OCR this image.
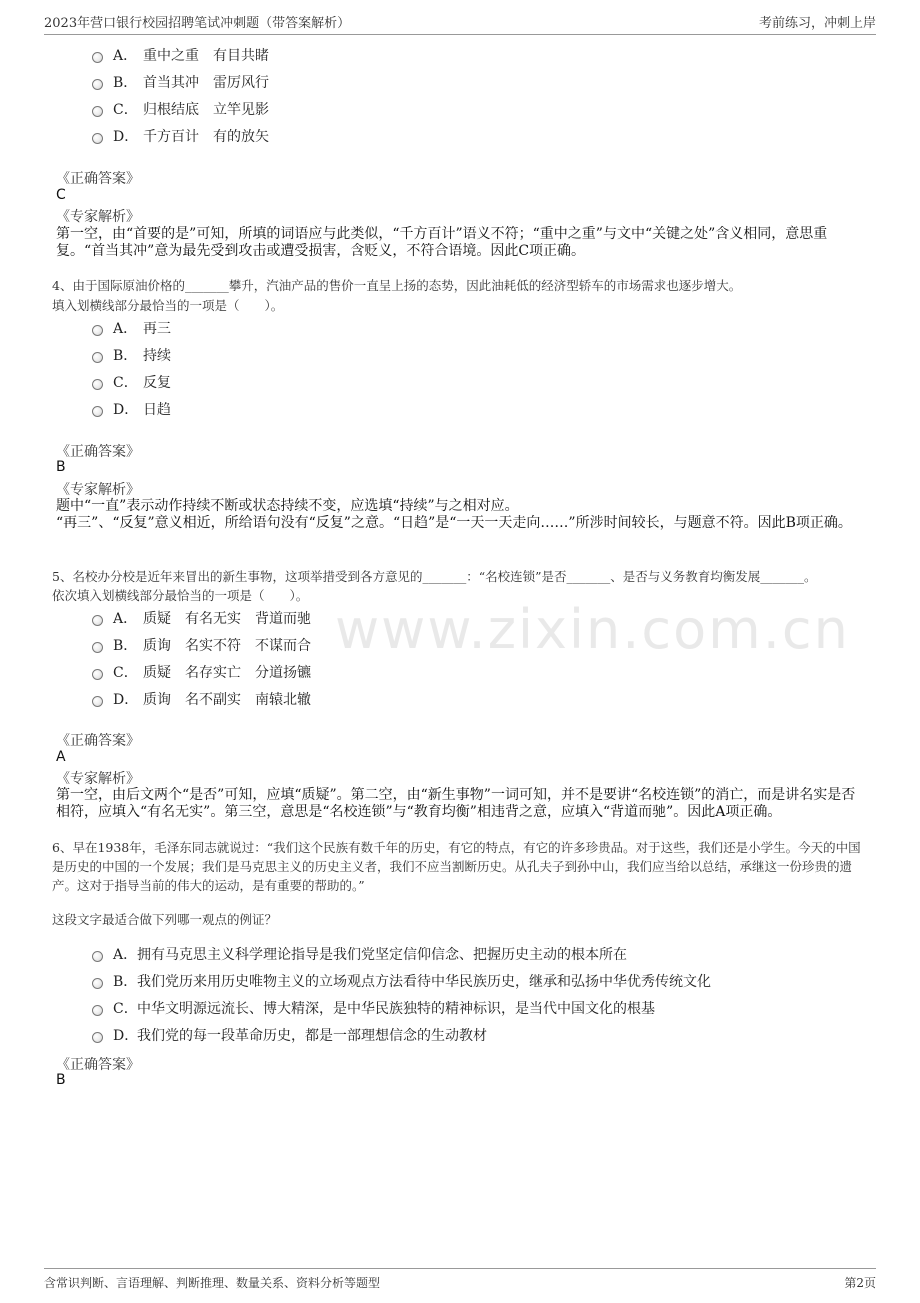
2023年营口银行校园招聘笔试冲刺题（带答案解析）	考前练习，冲刺上岸
www.zixin.com.cn
A． 重中之重 有目共睹
B． 首当其冲 雷厉风行
C． 归根结底 立竿见影
D． 千方百计 有的放矢
《正确答案》
C
《专家解析》
第一空，由“首要的是”可知，所填的词语应与此类似，“千方百计”语义不符；“重中之重”与文中“关键之处”含义相同，意思重复。“首当其冲”意为最先受到攻击或遭受损害，含贬义，不符合语境。因此C项正确。
4、由于国际原油价格的_______攀升，汽油产品的售价一直呈上扬的态势，因此油耗低的经济型轿车的市场需求也逐步增大。
填入划横线部分最恰当的一项是（　　）。
A． 再三
B． 持续
C． 反复
D． 日趋
《正确答案》
B
《专家解析》
题中“一直”表示动作持续不断或状态持续不变，应选填“持续”与之相对应。
“再三”、“反复”意义相近，所给语句没有“反复”之意。“日趋”是“一天一天走向……”所涉时间较长，与题意不符。因此B项正确。
5、名校办分校是近年来冒出的新生事物，这项举措受到各方意见的_______：“名校连锁”是否_______、是否与义务教育均衡发展_______。
依次填入划横线部分最恰当的一项是（　　）。
A． 质疑 有名无实 背道而驰
B． 质询 名实不符 不谋而合
C． 质疑 名存实亡 分道扬镳
D． 质询 名不副实 南辕北辙
《正确答案》
A
《专家解析》
第一空，由后文两个“是否”可知，应填“质疑”。第二空，由“新生事物”一词可知，并不是要讲“名校连锁”的消亡，而是讲名实是否相符，应填入“有名无实”。第三空，意思是“名校连锁”与“教育均衡”相违背之意，应填入“背道而驰”。因此A项正确。
6、早在1938年，毛泽东同志就说过：“我们这个民族有数千年的历史，有它的特点，有它的许多珍贵品。对于这些，我们还是小学生。今天的中国是历史的中国的一个发展；我们是马克思主义的历史主义者，我们不应当割断历史。从孔夫子到孙中山，我们应当给以总结，承继这一份珍贵的遗产。这对于指导当前的伟大的运动，是有重要的帮助的。”
这段文字最适合做下列哪一观点的例证？
A． 拥有马克思主义科学理论指导是我们党坚定信仰信念、把握历史主动的根本所在
B． 我们党历来用历史唯物主义的立场观点方法看待中华民族历史，继承和弘扬中华优秀传统文化
C． 中华文明源远流长、博大精深，是中华民族独特的精神标识，是当代中国文化的根基
D．
我们党的每一段革命历史，都是一部理想信念的生动教材
《正确答案》
B
含常识判断、言语理解、判断推理、数量关系、资料分析等题型	第2页
